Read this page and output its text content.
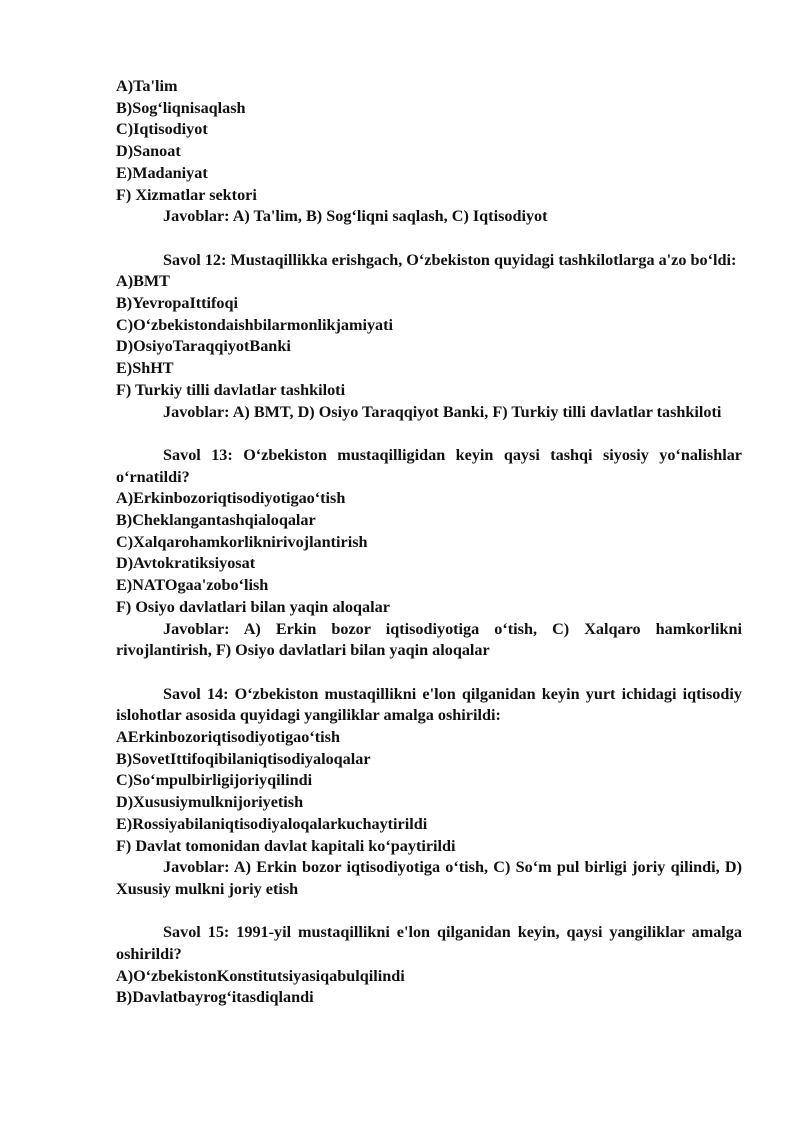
A)Ta'lim
B)Sog‘liqnisaqlash
C)Iqtisodiyot
D)Sanoat
E)Madaniyat
F) Xizmatlar sektori
Javoblar: A) Ta'lim, B) Sog‘liqni saqlash, C) Iqtisodiyot
Savol 12: Mustaqillikka erishgach, O‘zbekiston quyidagi tashkilotlarga a'zo bo‘ldi:
A)BMT
B)YevropaIttifoqi
C)O‘zbekistondaishbilarmonlikjamiyati
D)OsiyoTaraqqiyotBanki
E)ShHT
F) Turkiy tilli davlatlar tashkiloti
Javoblar: A) BMT, D) Osiyo Taraqqiyot Banki, F) Turkiy tilli davlatlar tashkiloti
Savol 13: O‘zbekiston mustaqilligidan keyin qaysi tashqi siyosiy yo‘nalishlar o‘rnatildi?
A)Erkinbozoriqtisodiyotigao‘tish
B)Cheklangantashqialoqalar
C)Xalqarohamkorliknirivojlantirish
D)Avtokratiksiyosat
E)NATOgaa'zobo‘lish
F) Osiyo davlatlari bilan yaqin aloqalar
Javoblar: A) Erkin bozor iqtisodiyotiga o‘tish, C) Xalqaro hamkorlikni rivojlantirish, F) Osiyo davlatlari bilan yaqin aloqalar
Savol 14: O‘zbekiston mustaqillikni e'lon qilganidan keyin yurt ichidagi iqtisodiy islohotlar asosida quyidagi yangiliklar amalga oshirildi:
AErkinbozoriqtisodiyotigao‘tish
B)SovetIttifoqibilaniqtisodiyaloqalar
C)So‘mpulbirligijoriyqilindi
D)Xususiymulknijoriyetish
E)Rossiyabilaniqtisodiyaloqalarkuchaytirildi
F) Davlat tomonidan davlat kapitali ko‘paytirildi
Javoblar: A) Erkin bozor iqtisodiyotiga o‘tish, C) So‘m pul birligi joriy qilindi, D) Xususiy mulkni joriy etish
Savol 15: 1991-yil mustaqillikni e'lon qilganidan keyin, qaysi yangiliklar amalga oshirildi?
A)O‘zbekistonKonstitutsiyasiqabulqilindi
B)Davlatbayrog‘itasdiqlandi
